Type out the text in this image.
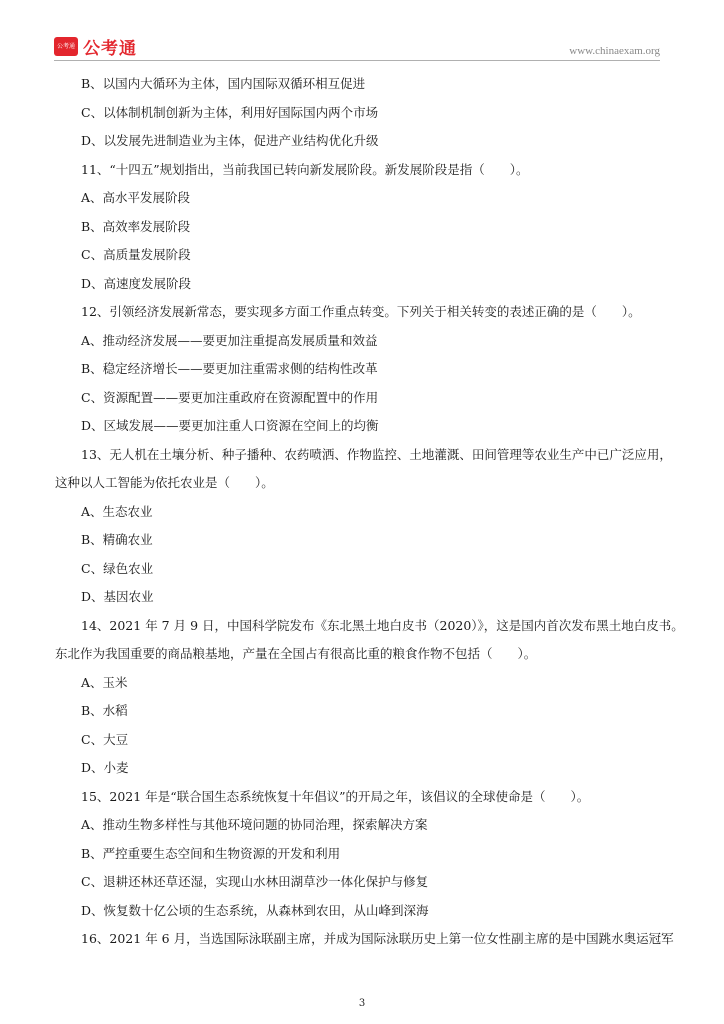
公考通 公考通	www.chinaexam.org
B、以国内大循环为主体，国内国际双循环相互促进
C、以体制机制创新为主体，利用好国际国内两个市场
D、以发展先进制造业为主体，促进产业结构优化升级
11、“十四五”规划指出，当前我国已转向新发展阶段。新发展阶段是指（　　）。
A、高水平发展阶段
B、高效率发展阶段
C、高质量发展阶段
D、高速度发展阶段
12、引领经济发展新常态，要实现多方面工作重点转变。下列关于相关转变的表述正确的是（　　）。
A、推动经济发展——要更加注重提高发展质量和效益
B、稳定经济增长——要更加注重需求侧的结构性改革
C、资源配置——要更加注重政府在资源配置中的作用
D、区域发展——要更加注重人口资源在空间上的均衡
13、无人机在土壤分析、种子播种、农药喷洒、作物监控、土地灌溉、田间管理等农业生产中已广泛应用，
这种以人工智能为依托农业是（　　）。
A、生态农业
B、精确农业
C、绿色农业
D、基因农业
14、2021 年 7 月 9 日，中国科学院发布《东北黑土地白皮书（2020）》，这是国内首次发布黑土地白皮书。
东北作为我国重要的商品粮基地，产量在全国占有很高比重的粮食作物不包括（　　）。
A、玉米
B、水稻
C、大豆
D、小麦
15、2021 年是“联合国生态系统恢复十年倡议”的开局之年，该倡议的全球使命是（　　）。
A、推动生物多样性与其他环境问题的协同治理，探索解决方案
B、严控重要生态空间和生物资源的开发和利用
C、退耕还林还草还湿，实现山水林田湖草沙一体化保护与修复
D、恢复数十亿公顷的生态系统，从森林到农田，从山峰到深海
16、2021 年 6 月，当选国际泳联副主席，并成为国际泳联历史上第一位女性副主席的是中国跳水奥运冠军
3
